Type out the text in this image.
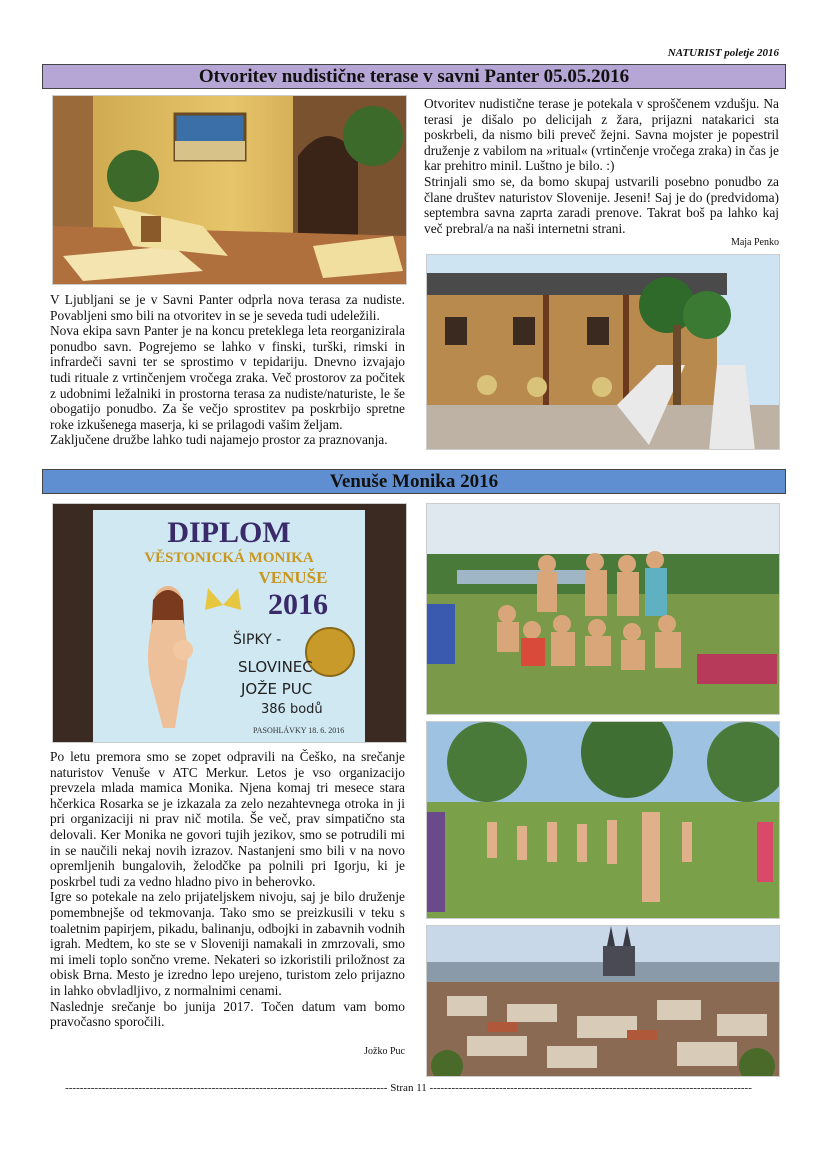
NATURIST poletje 2016
Otvoritev nudistične terase v savni Panter 05.05.2016

Otvoritev nudistične terase je potekala v sproščenem vzdušju. Na terasi je dišalo po delicijah z žara, prijazni natakarici sta poskrbeli, da nismo bili preveč žejni. Savna mojster je popestril druženje z vabilom na »ritual« (vrtinčenje vročega zraka) in čas je kar prehitro minil. Luštno je bilo. :)

Strinjali smo se, da bomo skupaj ustvarili posebno ponudbo za člane društev naturistov Slovenije. Jeseni! Saj je do (predvidoma) septembra savna zaprta zaradi prenove. Takrat boš pa lahko kaj več prebral/a na naši internetni strani.

Maja Penko

V Ljubljani se je v Savni Panter odprla nova terasa za nudiste. Povabljeni smo bili na otvoritev in se je seveda tudi udeležili.

Nova ekipa savn Panter je na koncu preteklega leta reorganizirala ponudbo savn. Pogrejemo se lahko v finski, turški, rimski in infrardeči savni ter se sprostimo v tepidariju. Dnevno izvajajo tudi rituale z vrtinčenjem vročega zraka. Več prostorov za počitek z udobnimi ležalniki in prostorna terasa za nudiste/naturiste, le še obogatijo ponudbo. Za še večjo sprostitev pa poskrbijo spretne roke izkušenega maserja, ki se prilagodi vašim željam.

Zaključene družbe lahko tudi najamejo prostor za praznovanja.

Venuše Monika 2016
DIPLOM
VĚSTONICKÁ MONIKA
VENUŠE
2016
ŠIPKY -
SLOVINEC
JOŽE PUC
386 bodů
PASOHLÁVKY 18. 6. 2016

Po letu premora smo se zopet odpravili na Češko, na srečanje naturistov Venuše v ATC Merkur. Letos je vso organizacijo prevzela mlada mamica Monika. Njena komaj tri mesece stara hčerkica Rosarka se je izkazala za zelo nezahtevnega otroka in ji pri organizaciji ni prav nič motila. Še več, prav simpatično sta delovali. Ker Monika ne govori tujih jezikov, smo se potrudili mi in se naučili nekaj novih izrazov. Nastanjeni smo bili v na novo opremljenih bungalovih, želodčke pa polnili pri Igorju, ki je poskrbel tudi za vedno hladno pivo in beherovko.

Igre so potekale na zelo prijateljskem nivoju, saj je bilo druženje pomembnejše od tekmovanja. Tako smo se preizkusili v teku s toaletnim papirjem, pikadu, balinanju, odbojki in zabavnih vodnih igrah. Medtem, ko ste se v Sloveniji namakali in zmrzovali, smo mi imeli toplo sončno vreme. Nekateri so izkoristili priložnost za obisk Brna. Mesto je izredno lepo urejeno, turistom zelo prijazno in lahko obvladljivo, z normalnimi cenami.

Naslednje srečanje bo junija 2017. Točen datum vam bomo pravočasno sporočili.

Jožko Puc
---------------------------------------------------------------------------------------- Stran 11 ----------------------------------------------------------------------------------------
